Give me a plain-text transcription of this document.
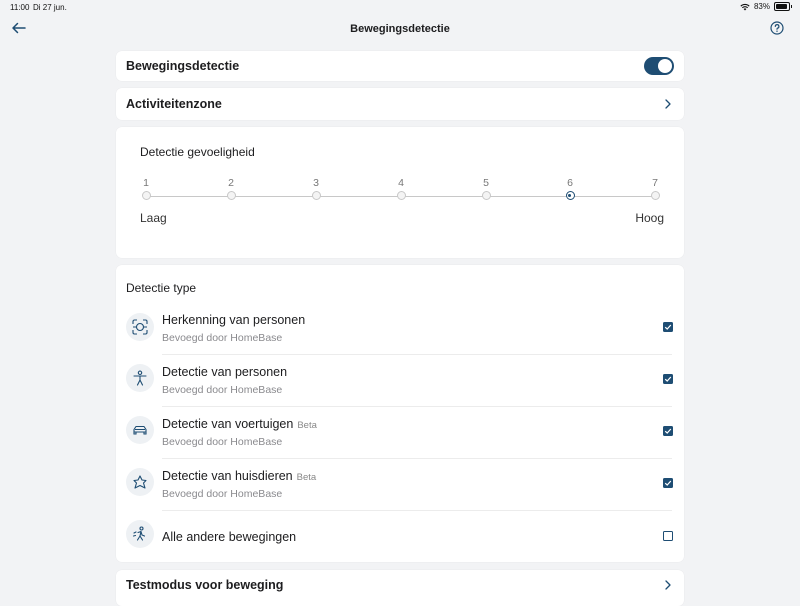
11:00 Di 27 jun.	83%
Bewegingsdetectie
Bewegingsdetectie
Activiteitenzone
Detectie gevoeligheid
1	2	3	4	5	6	7
Laag	Hoog
Detectie type
Herkenning van personen
Bevoegd door HomeBase
Detectie van personen
Bevoegd door HomeBase
Detectie van voertuigen Beta
Bevoegd door HomeBase
Detectie van huisdieren Beta
Bevoegd door HomeBase
Alle andere bewegingen
Testmodus voor beweging
